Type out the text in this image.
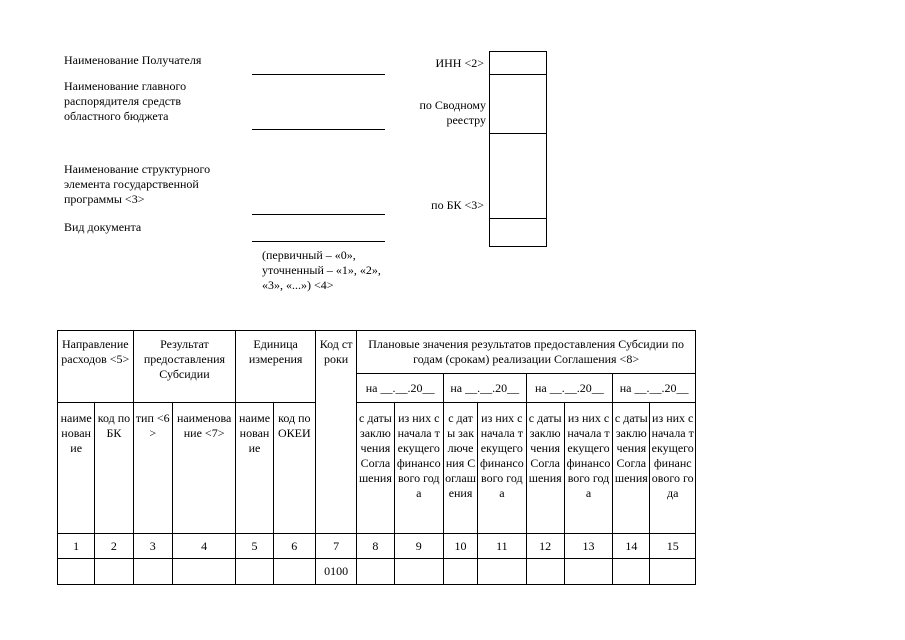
Наименование Получателя
Наименование главного распорядителя средств областного бюджета
Наименование структурного элемента государственной программы <3>
Вид документа
(первичный – «0», уточненный – «1», «2», «3», «...») <4>
ИНН <2>
по Сводному реестру
по БК <3>
Направление расходов <5>		Результат предоставления Субсидии		Единица измерения		Код строки	Плановые значения результатов предоставления Субсидии по годам (срокам) реализации Соглашения <8>							
							на __.__.20__		на __.__.20__		на __.__.20__		на __.__.20__	
наименование	код по БК	тип <6>	наименование <7>	наименование	код по ОКЕИ		с даты заключения Соглашения	из них с начала текущего финансового года	с даты заключения Соглашения	из них с начала текущего финансового года	с даты заключения Соглашения	из них с начала текущего финансового года	с даты заключения Соглашения	из них с начала текущего финансового года
1	2	3	4	5	6	7	8	9	10	11	12	13	14	15
						0100								
